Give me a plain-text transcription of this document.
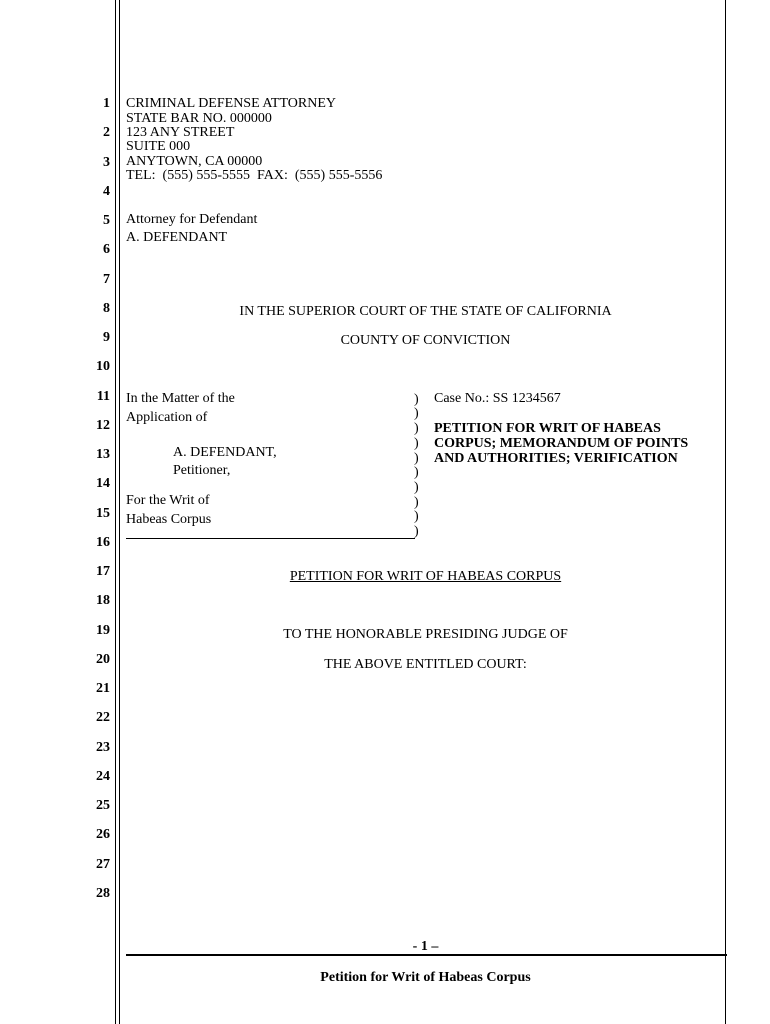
1
2
3
4
5
6
7
8
9
10
11
12
13
14
15
16
17
18
19
20
21
22
23
24
25
26
27
28
CRIMINAL DEFENSE ATTORNEY
STATE BAR NO. 000000
123 ANY STREET
SUITE 000
ANYTOWN, CA 00000
TEL:  (555) 555-5555  FAX:  (555) 555-5556
Attorney for Defendant
A. DEFENDANT
IN THE SUPERIOR COURT OF THE STATE OF CALIFORNIA
COUNTY OF CONVICTION
In the Matter of the
Application of
A. DEFENDANT,
Petitioner,
For the Writ of
Habeas Corpus
)
)
)
)
)
)
)
)
)
)
Case No.: SS 1234567
PETITION FOR WRIT OF HABEAS
CORPUS; MEMORANDUM OF POINTS
AND AUTHORITIES; VERIFICATION
PETITION FOR WRIT OF HABEAS CORPUS
TO THE HONORABLE PRESIDING JUDGE OF
THE ABOVE ENTITLED COURT:
- 1 –
Petition for Writ of Habeas Corpus
